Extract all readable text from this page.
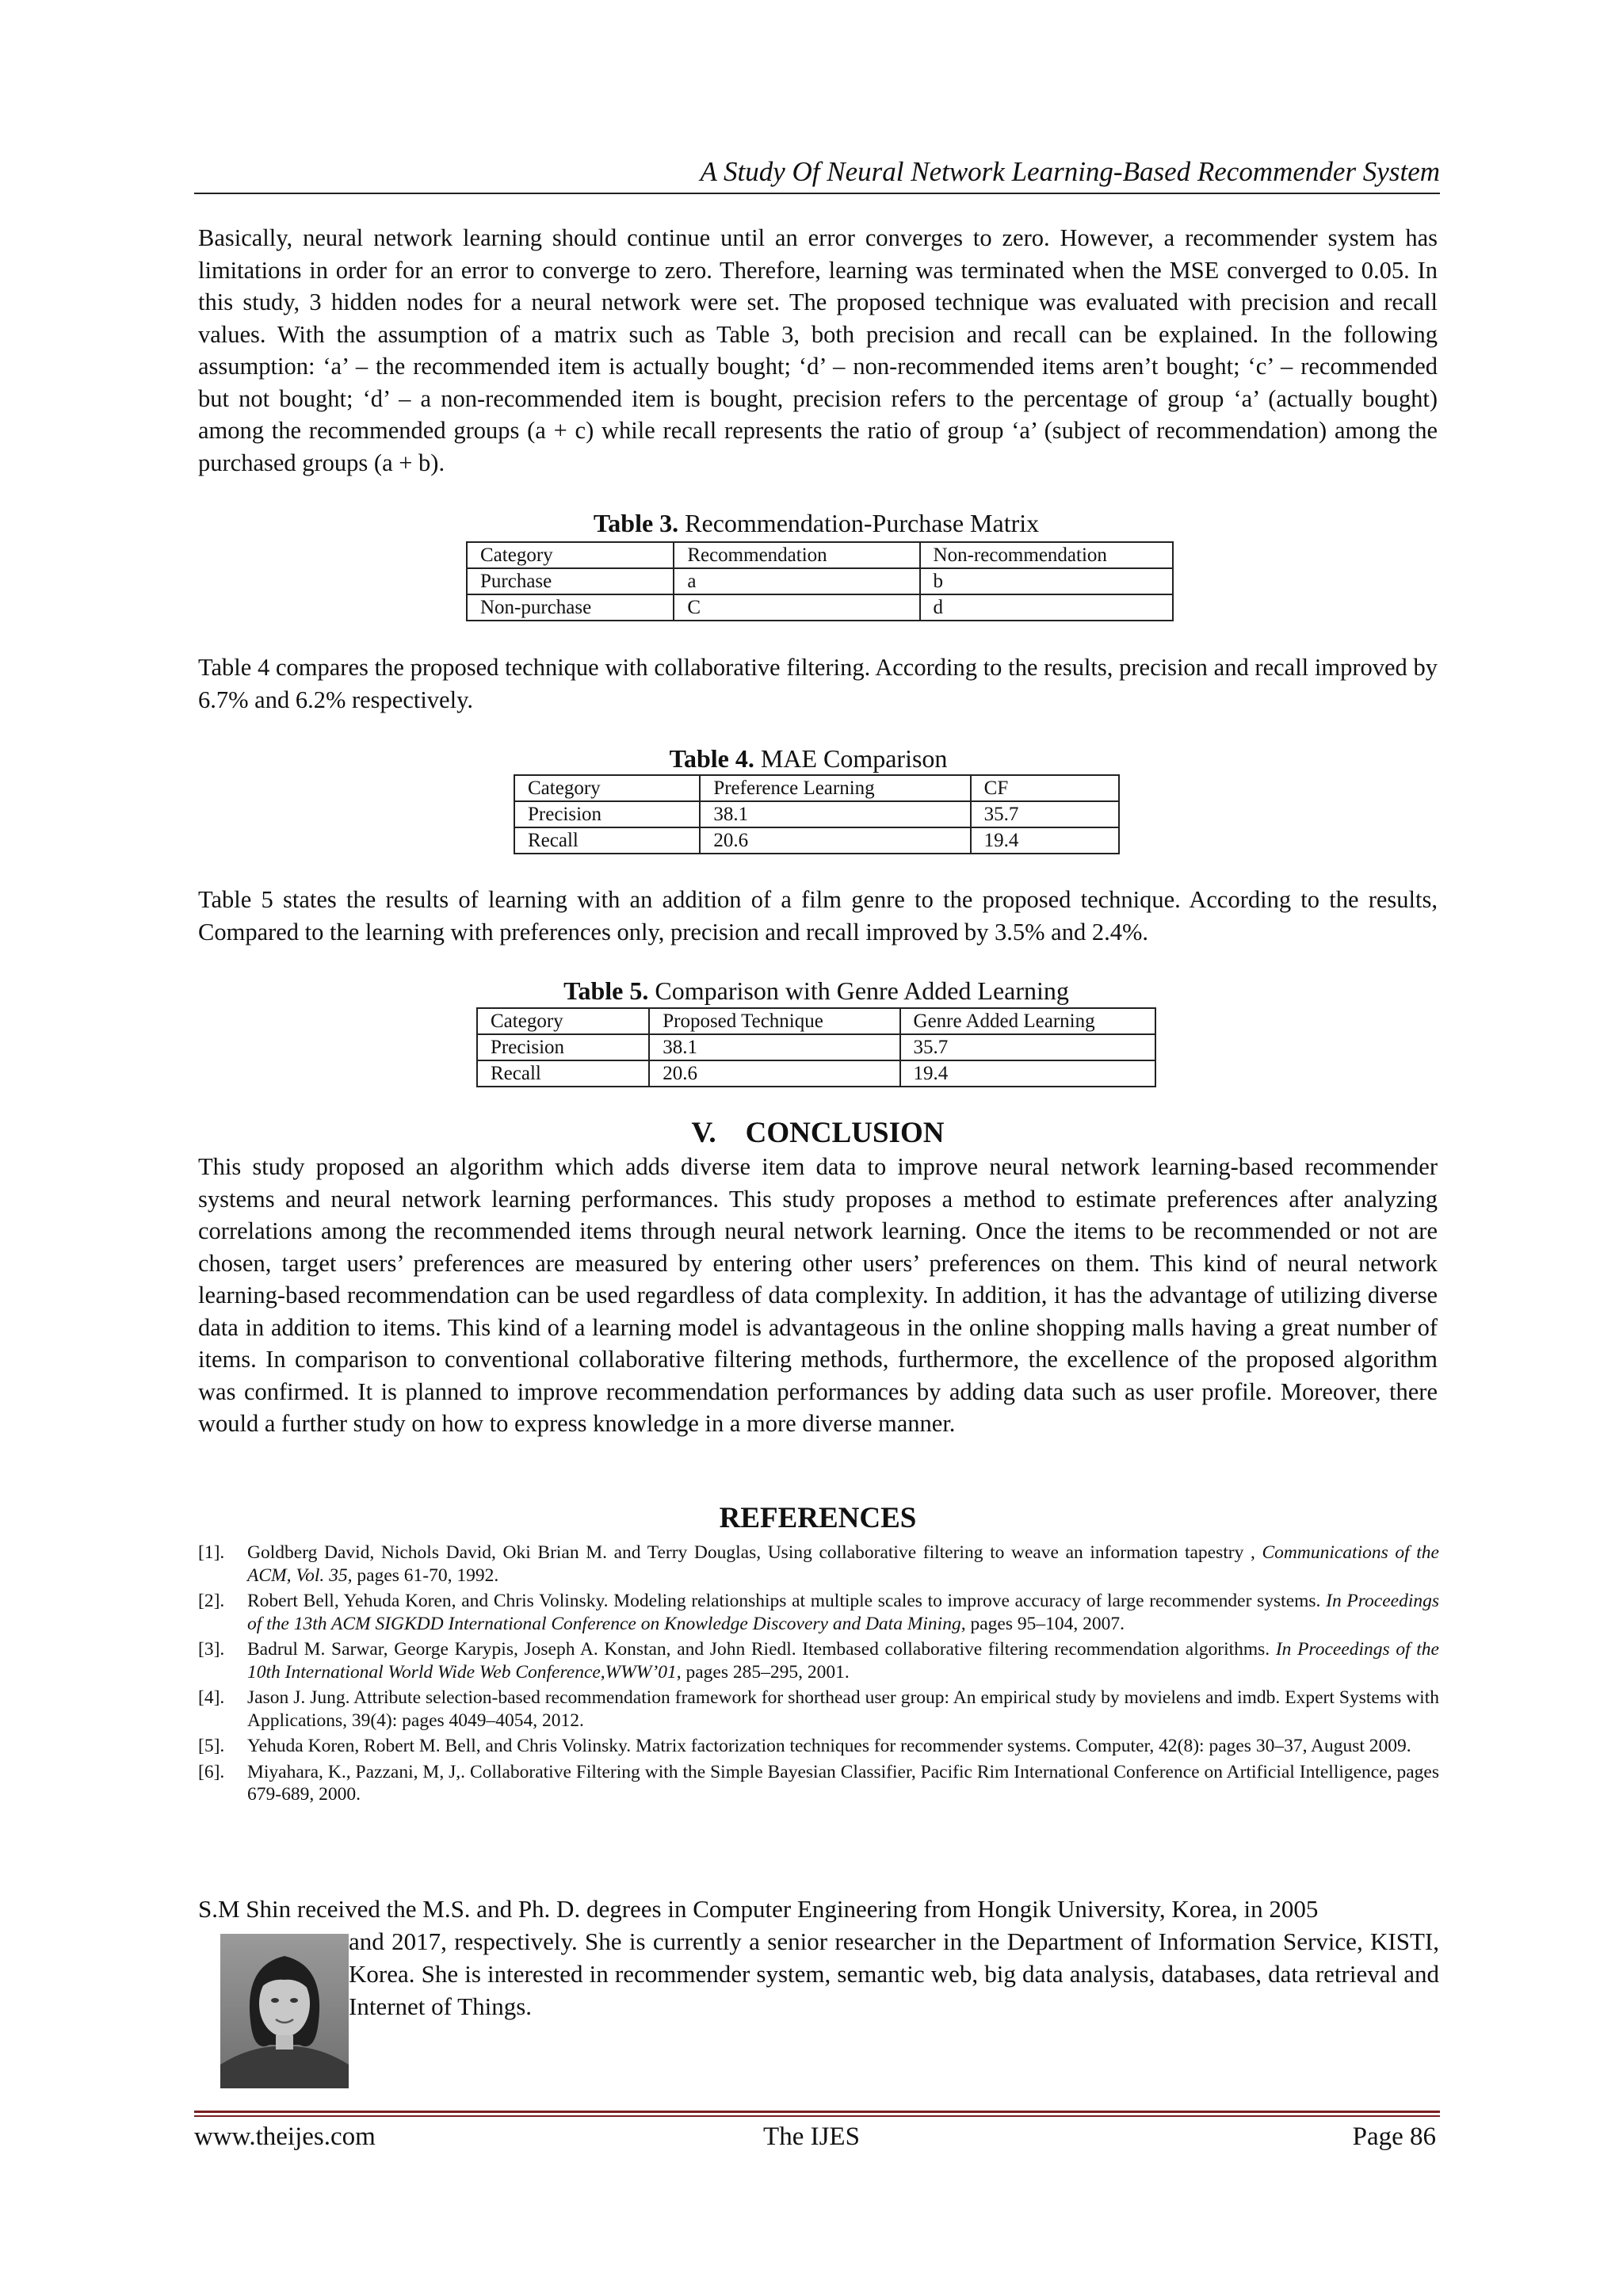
A Study Of Neural Network Learning-Based Recommender System

Basically, neural network learning should continue until an error converges to zero. However, a recommender system has limitations in order for an error to converge to zero. Therefore, learning was terminated when the MSE converged to 0.05. In this study, 3 hidden nodes for a neural network were set. The proposed technique was evaluated with precision and recall values. With the assumption of a matrix such as Table 3, both precision and recall can be explained. In the following assumption: ‘a’ – the recommended item is actually bought; ‘d’ – non-recommended items aren’t bought; ‘c’ – recommended but not bought; ‘d’ – a non-recommended item is bought, precision refers to the percentage of group ‘a’ (actually bought) among the recommended groups (a + c) while recall represents the ratio of group ‘a’ (subject of recommendation) among the purchased groups (a + b).

Table 3. Recommendation-Purchase Matrix
Category	Recommendation	Non-recommendation
Purchase	a	b
Non-purchase	C	d

Table 4 compares the proposed technique with collaborative filtering. According to the results, precision and recall improved by 6.7% and 6.2% respectively.

Table 4. MAE Comparison
Category	Preference Learning	CF
Precision	38.1	35.7
Recall	20.6	19.4

Table 5 states the results of learning with an addition of a film genre to the proposed technique. According to the results, Compared to the learning with preferences only, precision and recall improved by 3.5% and 2.4%.

Table 5. Comparison with Genre Added Learning
Category	Proposed Technique	Genre Added Learning
Precision	38.1	35.7
Recall	20.6	19.4
V.    CONCLUSION

This study proposed an algorithm which adds diverse item data to improve neural network learning-based recommender systems and neural network learning performances. This study proposes a method to estimate preferences after analyzing correlations among the recommended items through neural network learning. Once the items to be recommended or not are chosen, target users’ preferences are measured by entering other users’ preferences on them. This kind of neural network learning-based recommendation can be used regardless of data complexity. In addition, it has the advantage of utilizing diverse data in addition to items. This kind of a learning model is advantageous in the online shopping malls having a great number of items. In comparison to conventional collaborative filtering methods, furthermore, the excellence of the proposed algorithm was confirmed. It is planned to improve recommendation performances by adding data such as user profile. Moreover, there would a further study on how to express knowledge in a more diverse manner.

REFERENCES
[1]. Goldberg David, Nichols David, Oki Brian M. and Terry Douglas, Using collaborative filtering to weave an information tapestry , Communications of the ACM, Vol. 35, pages 61-70, 1992.
[2]. Robert Bell, Yehuda Koren, and Chris Volinsky. Modeling relationships at multiple scales to improve accuracy of large recommender systems. In Proceedings of the 13th ACM SIGKDD International Conference on Knowledge Discovery and Data Mining, pages 95–104, 2007.
[3]. Badrul M. Sarwar, George Karypis, Joseph A. Konstan, and John Riedl. Itembased collaborative filtering recommendation algorithms. In Proceedings of the 10th International World Wide Web Conference,WWW’01, pages 285–295, 2001.
[4]. Jason J. Jung. Attribute selection-based recommendation framework for shorthead user group: An empirical study by movielens and imdb. Expert Systems with Applications, 39(4): pages 4049–4054, 2012.
[5]. Yehuda Koren, Robert M. Bell, and Chris Volinsky. Matrix factorization techniques for recommender systems. Computer, 42(8): pages 30–37, August 2009.
[6]. Miyahara, K., Pazzani, M, J,. Collaborative Filtering with the Simple Bayesian Classifier, Pacific Rim International Conference on Artificial Intelligence, pages 679-689, 2000.

S.M Shin received the M.S. and Ph. D. degrees in Computer Engineering from Hongik University, Korea, in 2005

and 2017, respectively. She is currently a senior researcher in the Department of Information Service, KISTI, Korea. She is interested in recommender system, semantic web, big data analysis, databases, data retrieval and Internet of Things.

www.theijes.com	The IJES	Page 86
